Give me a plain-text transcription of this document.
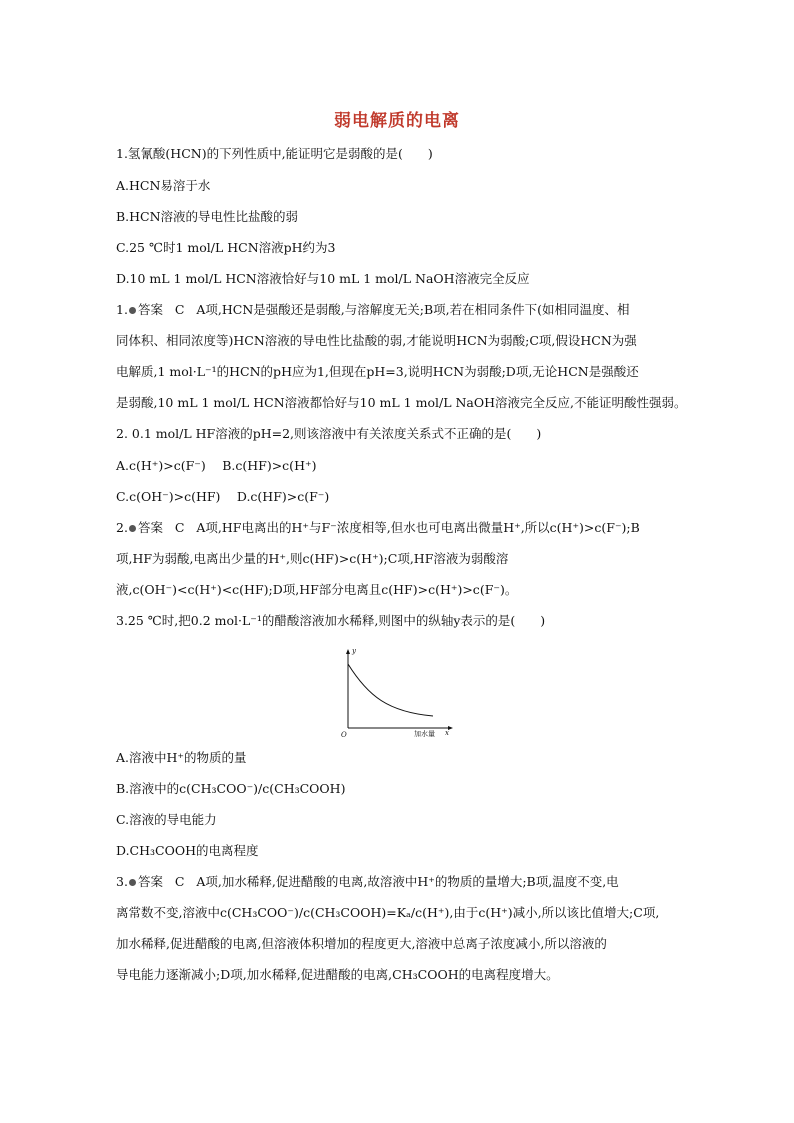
弱电解质的电离
1.氢氰酸(HCN)的下列性质中,能证明它是弱酸的是(　　)
A.HCN易溶于水
B.HCN溶液的导电性比盐酸的弱
C.25 ℃时1 mol/L HCN溶液pH约为3
D.10 mL 1 mol/L HCN溶液恰好与10 mL 1 mol/L NaOH溶液完全反应
1. 答案 C A项,HCN是强酸还是弱酸,与溶解度无关;B项,若在相同条件下(如相同温度、相
同体积、相同浓度等)HCN溶液的导电性比盐酸的弱,才能说明HCN为弱酸;C项,假设HCN为强
电解质,1 mol·L⁻¹的HCN的pH应为1,但现在pH=3,说明HCN为弱酸;D项,无论HCN是强酸还
是弱酸,10 mL 1 mol/L HCN溶液都恰好与10 mL 1 mol/L NaOH溶液完全反应,不能证明酸性强弱。
2. 0.1 mol/L HF溶液的pH=2,则该溶液中有关浓度关系式不正确的是(　　)
A.c(H⁺)>c(F⁻)　 B.c(HF)>c(H⁺)
C.c(OH⁻)>c(HF)　 D.c(HF)>c(F⁻)
2. 答案 C A项,HF电离出的H⁺与F⁻浓度相等,但水也可电离出微量H⁺,所以c(H⁺)>c(F⁻);B
项,HF为弱酸,电离出少量的H⁺,则c(HF)>c(H⁺);C项,HF溶液为弱酸溶
液,c(OH⁻)<c(H⁺)<c(HF);D项,HF部分电离且c(HF)>c(H⁺)>c(F⁻)。
3.25 ℃时,把0.2 mol·L⁻¹的醋酸溶液加水稀释,则图中的纵轴y表示的是(　　)
y
O	加水量 x
A.溶液中H⁺的物质的量
B.溶液中的c(CH₃COO⁻)/c(CH₃COOH)
C.溶液的导电能力
D.CH₃COOH的电离程度
3. 答案 C A项,加水稀释,促进醋酸的电离,故溶液中H⁺的物质的量增大;B项,温度不变,电
离常数不变,溶液中c(CH₃COO⁻)/c(CH₃COOH)=Kₐ/c(H⁺),由于c(H⁺)减小,所以该比值增大;C项,
加水稀释,促进醋酸的电离,但溶液体积增加的程度更大,溶液中总离子浓度减小,所以溶液的
导电能力逐渐减小;D项,加水稀释,促进醋酸的电离,CH₃COOH的电离程度增大。
